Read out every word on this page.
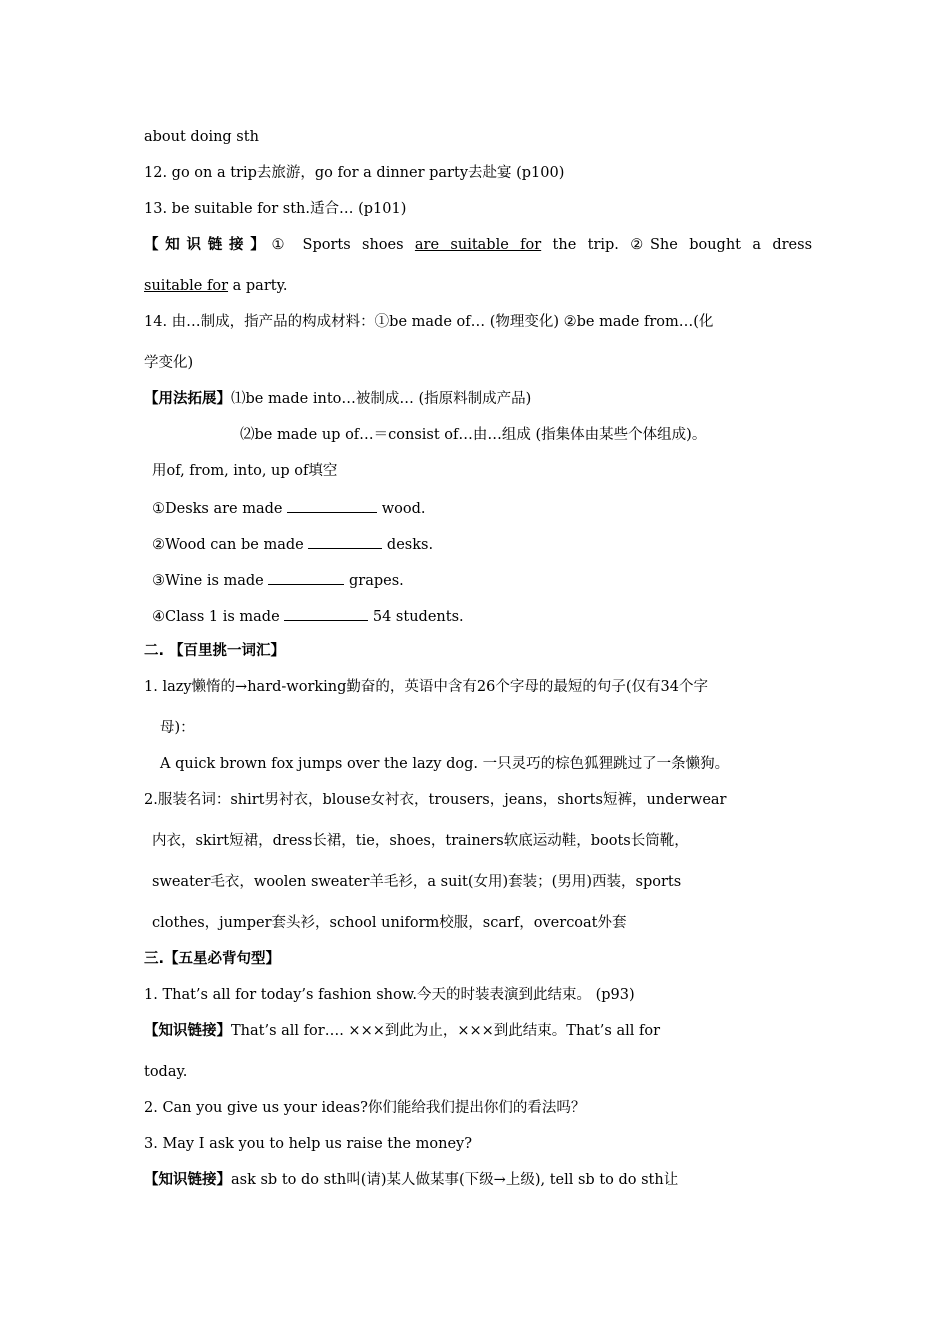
about doing sth
12. go on a trip去旅游，go for a dinner party去赴宴 (p100)
13. be suitable for sth.适合… (p101)
【知识链接】① Sports shoes are suitable for the trip. ②She bought a dress
suitable for a party.
14. 由…制成，指产品的构成材料：①be made of… (物理变化) ②be made from…(化
学变化)
【用法拓展】⑴be made into…被制成… (指原料制成产品)
⑵be made up of…＝consist of…由…组成 (指集体由某些个体组成)。
用of, from, into, up of填空
①Desks are made	wood.
②Wood can be made	desks.
③Wine is made	grapes.
④Class 1 is made	54 students.
二. 【百里挑一词汇】
1. lazy懒惰的→hard-working勤奋的，英语中含有26个字母的最短的句子(仅有34个字
母)：
A quick brown fox jumps over the lazy dog. 一只灵巧的棕色狐狸跳过了一条懒狗。
2.服装名词：shirt男衬衣，blouse女衬衣，trousers，jeans，shorts短裤，underwear
内衣，skirt短裙，dress长裙，tie，shoes，trainers软底运动鞋，boots长筒靴，
sweater毛衣，woolen sweater羊毛衫，a suit(女用)套装；(男用)西装，sports
clothes，jumper套头衫，school uniform校服，scarf，overcoat外套
三.【五星必背句型】
1. That’s all for today’s fashion show.今天的时装表演到此结束。 (p93)
【知识链接】That’s all for…. ×××到此为止，×××到此结束。That’s all for
today.
2. Can you give us your ideas?你们能给我们提出你们的看法吗？
3. May I ask you to help us raise the money?
【知识链接】ask sb to do sth叫(请)某人做某事(下级→上级), tell sb to do sth让
